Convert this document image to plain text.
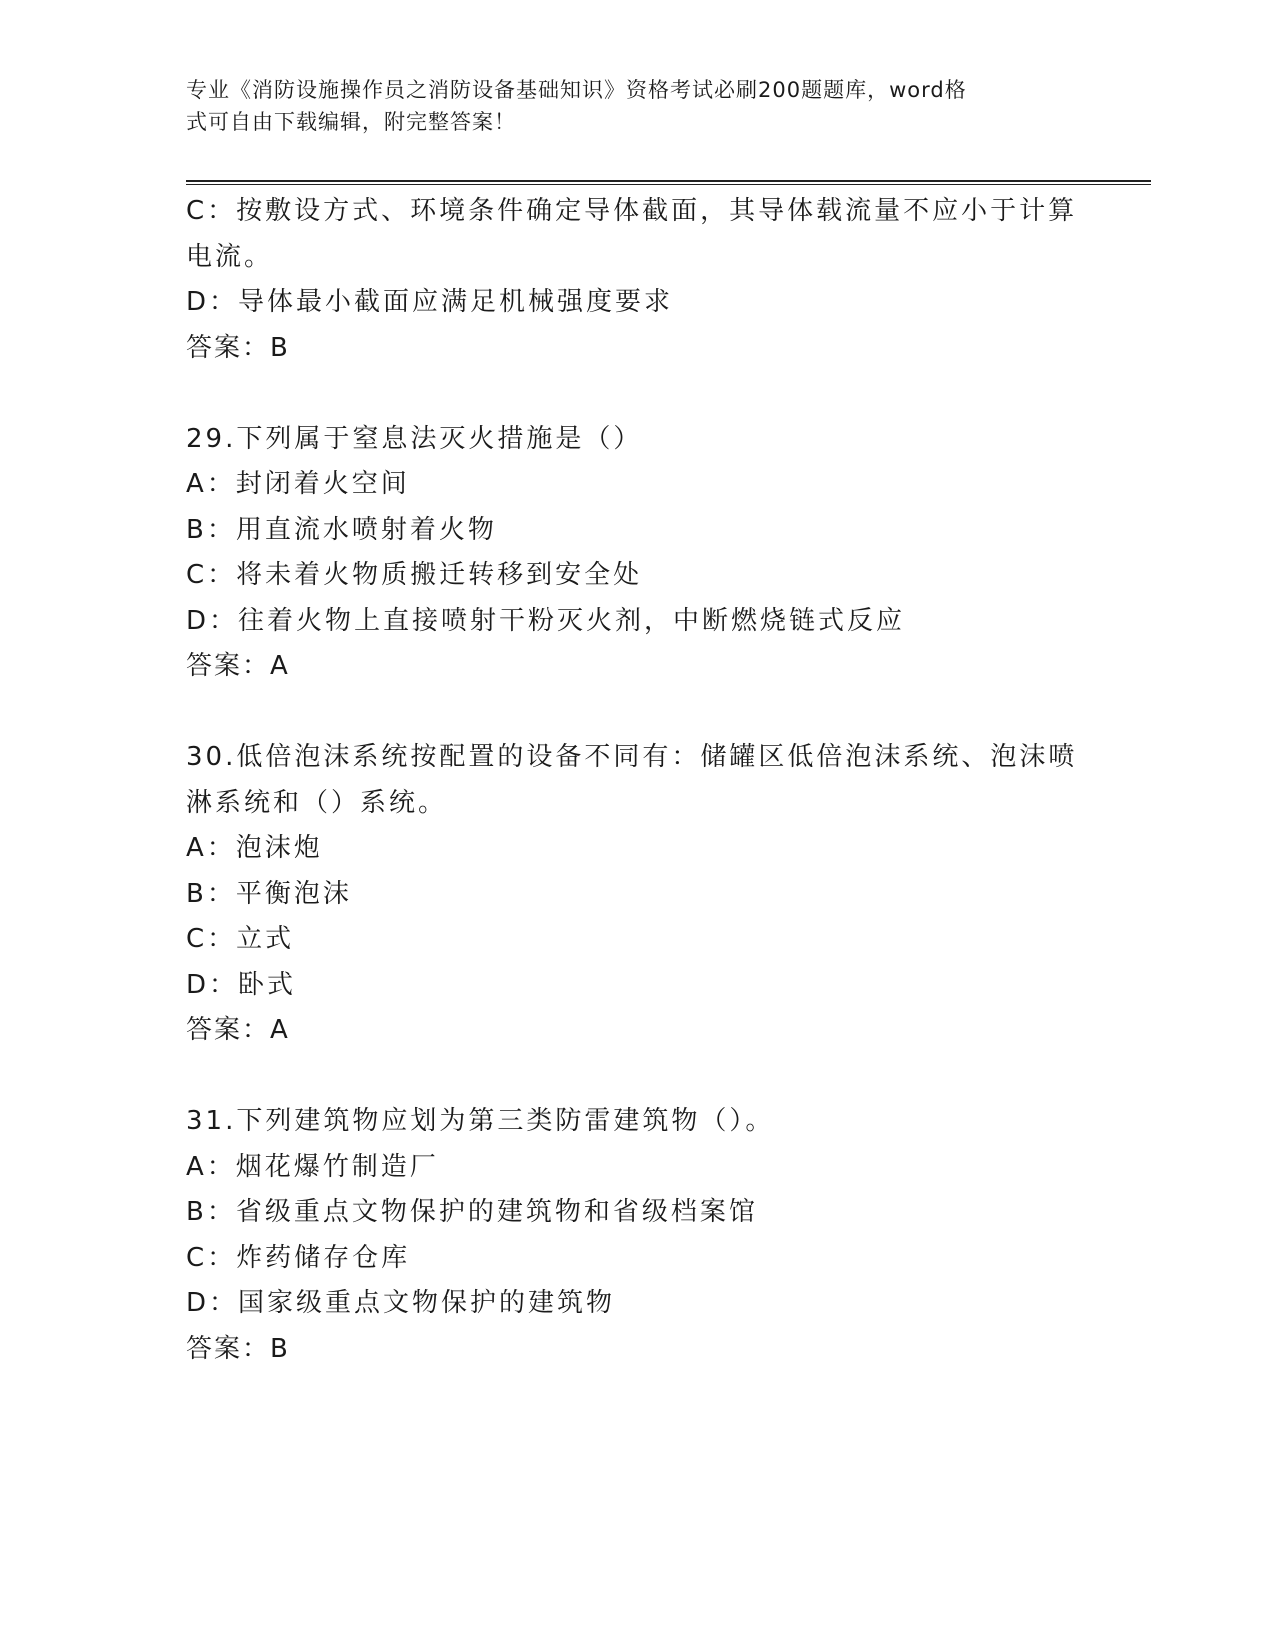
专业《消防设施操作员之消防设备基础知识》资格考试必刷200题题库，word格
式可自由下载编辑，附完整答案！
C：按敷设方式、环境条件确定导体截面，其导体载流量不应小于计算
电流。
D：导体最小截面应满足机械强度要求
答案：B
29.下列属于窒息法灭火措施是（）
A：封闭着火空间
B：用直流水喷射着火物
C：将未着火物质搬迁转移到安全处
D：往着火物上直接喷射干粉灭火剂，中断燃烧链式反应
答案：A
30.低倍泡沫系统按配置的设备不同有：储罐区低倍泡沫系统、泡沫喷
淋系统和（）系统。
A：泡沫炮
B：平衡泡沫
C：立式
D：卧式
答案：A
31.下列建筑物应划为第三类防雷建筑物（）。
A：烟花爆竹制造厂
B：省级重点文物保护的建筑物和省级档案馆
C：炸药储存仓库
D：国家级重点文物保护的建筑物
答案：B
